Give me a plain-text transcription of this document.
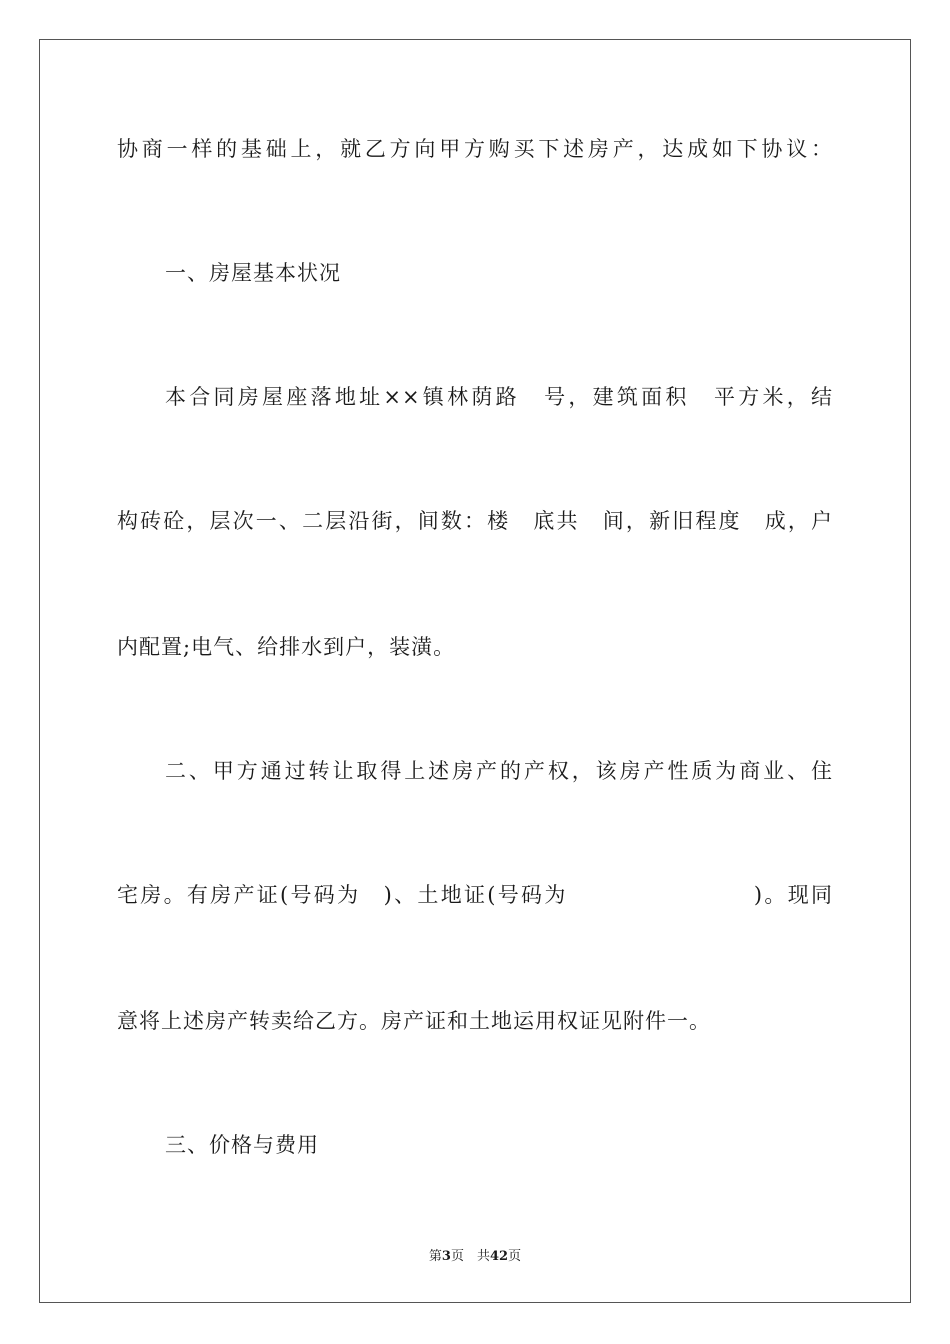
协商一样的基础上，就乙方向甲方购买下述房产，达成如下协议：
一、房屋基本状况
本合同房屋座落地址××镇林荫路　号，建筑面积　平方米，结
构砖砼，层次一、二层沿街，间数：楼　底共　间，新旧程度　成，户
内配置;电气、给排水到户，装潢。
二、甲方通过转让取得上述房产的产权，该房产性质为商业、住
宅房。有房产证(号码为　)、土地证(号码为　　　　　　　　)。现同
意将上述房产转卖给乙方。房产证和土地运用权证见附件一。
三、价格与费用
第3页　共42页
